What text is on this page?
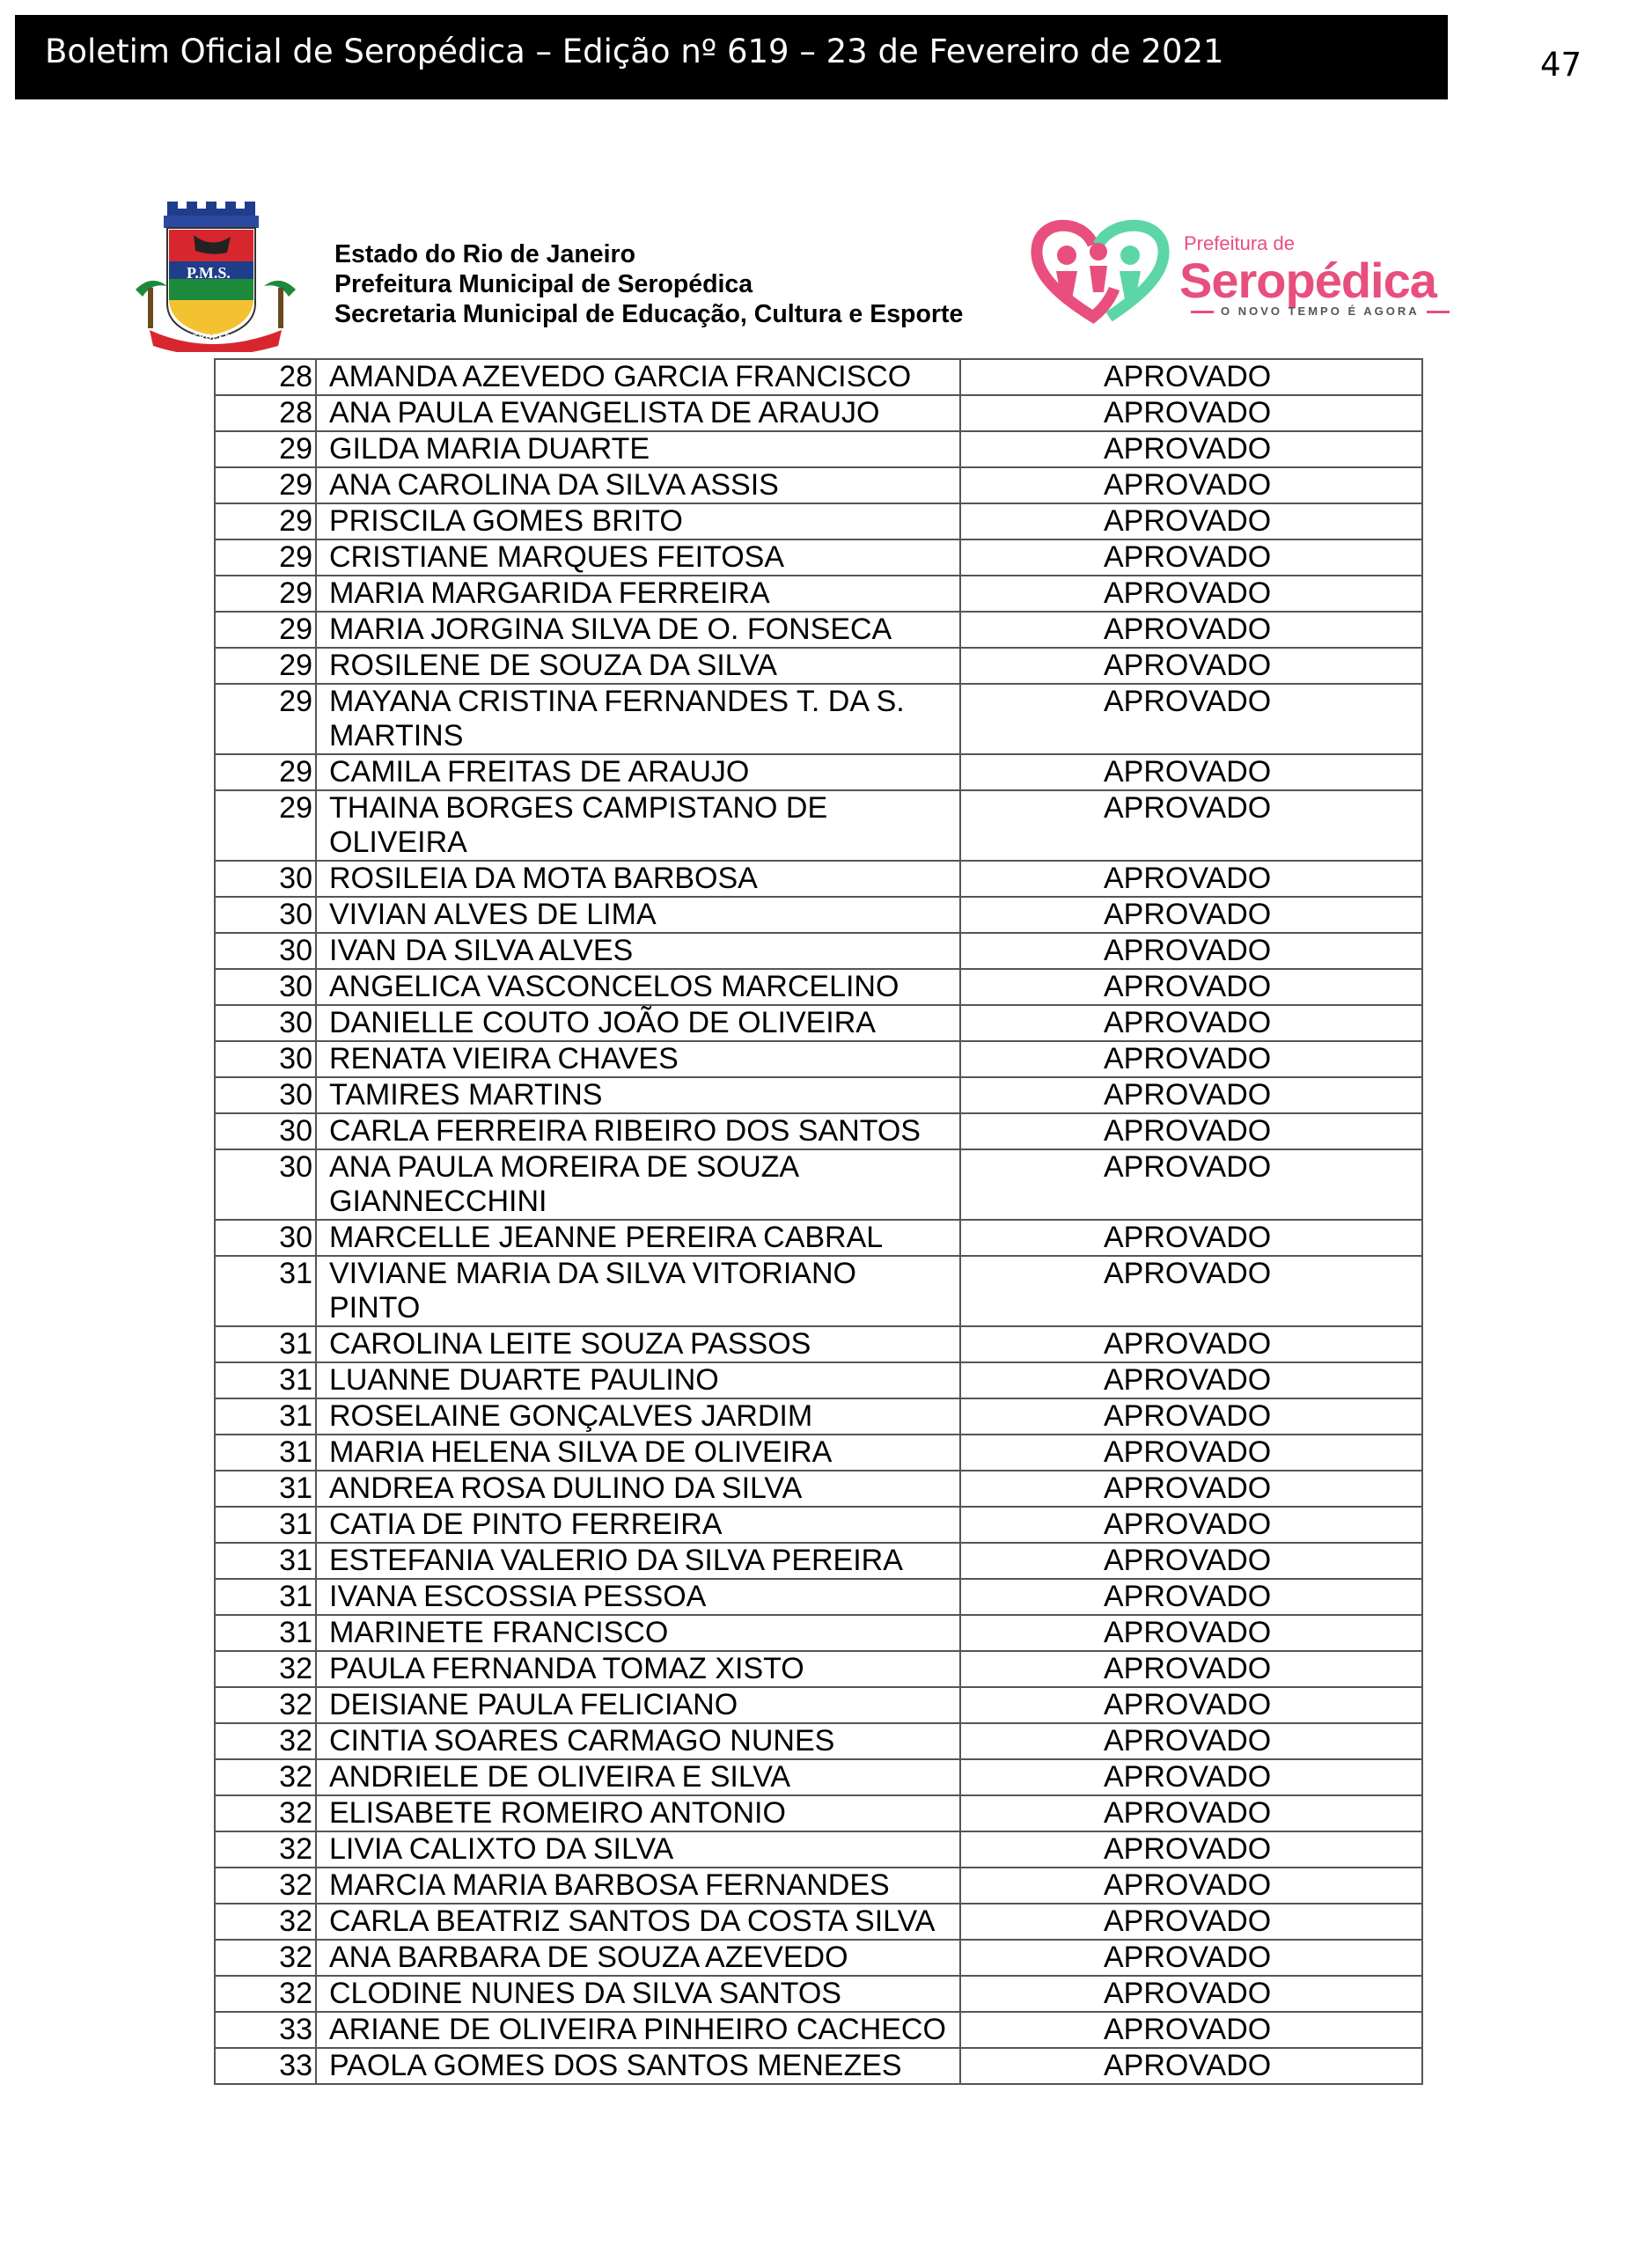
Boletim Oficial de Seropédica – Edição nº 619 – 23 de Fevereiro de 2021	47
P.M.S.
SEROPÉDICA
Estado do Rio de Janeiro
Prefeitura Municipal de Seropédica
Secretaria Municipal de Educação, Cultura e Esporte
Prefeitura de
Seropédica
O NOVO TEMPO É AGORA
28	AMANDA AZEVEDO GARCIA FRANCISCO	APROVADO
28	ANA PAULA EVANGELISTA DE ARAUJO	APROVADO
29	GILDA MARIA DUARTE	APROVADO
29	ANA CAROLINA DA SILVA ASSIS	APROVADO
29	PRISCILA GOMES BRITO	APROVADO
29	CRISTIANE MARQUES FEITOSA	APROVADO
29	MARIA MARGARIDA FERREIRA	APROVADO
29	MARIA JORGINA SILVA DE O. FONSECA	APROVADO
29	ROSILENE DE SOUZA DA SILVA	APROVADO
29	MAYANA CRISTINA FERNANDES T. DA S. MARTINS	APROVADO
29	CAMILA FREITAS DE ARAUJO	APROVADO
29	THAINA BORGES CAMPISTANO DE OLIVEIRA	APROVADO
30	ROSILEIA DA MOTA BARBOSA	APROVADO
30	VIVIAN ALVES DE LIMA	APROVADO
30	IVAN DA SILVA ALVES	APROVADO
30	ANGELICA VASCONCELOS MARCELINO	APROVADO
30	DANIELLE COUTO JOÃO DE OLIVEIRA	APROVADO
30	RENATA VIEIRA CHAVES	APROVADO
30	TAMIRES MARTINS	APROVADO
30	CARLA FERREIRA RIBEIRO DOS SANTOS	APROVADO
30	ANA PAULA MOREIRA DE SOUZA GIANNECCHINI	APROVADO
30	MARCELLE JEANNE PEREIRA CABRAL	APROVADO
31	VIVIANE MARIA DA SILVA VITORIANO PINTO	APROVADO
31	CAROLINA LEITE SOUZA PASSOS	APROVADO
31	LUANNE DUARTE PAULINO	APROVADO
31	ROSELAINE GONÇALVES JARDIM	APROVADO
31	MARIA HELENA SILVA DE OLIVEIRA	APROVADO
31	ANDREA ROSA DULINO DA SILVA	APROVADO
31	CATIA DE PINTO FERREIRA	APROVADO
31	ESTEFANIA VALERIO DA SILVA PEREIRA	APROVADO
31	IVANA ESCOSSIA PESSOA	APROVADO
31	MARINETE FRANCISCO	APROVADO
32	PAULA FERNANDA TOMAZ XISTO	APROVADO
32	DEISIANE PAULA FELICIANO	APROVADO
32	CINTIA SOARES CARMAGO NUNES	APROVADO
32	ANDRIELE DE OLIVEIRA E SILVA	APROVADO
32	ELISABETE ROMEIRO ANTONIO	APROVADO
32	LIVIA CALIXTO DA SILVA	APROVADO
32	MARCIA MARIA BARBOSA FERNANDES	APROVADO
32	CARLA BEATRIZ SANTOS DA COSTA SILVA	APROVADO
32	ANA BARBARA DE SOUZA AZEVEDO	APROVADO
32	CLODINE NUNES DA SILVA SANTOS	APROVADO
33	ARIANE DE OLIVEIRA PINHEIRO CACHECO	APROVADO
33	PAOLA GOMES DOS SANTOS MENEZES	APROVADO
